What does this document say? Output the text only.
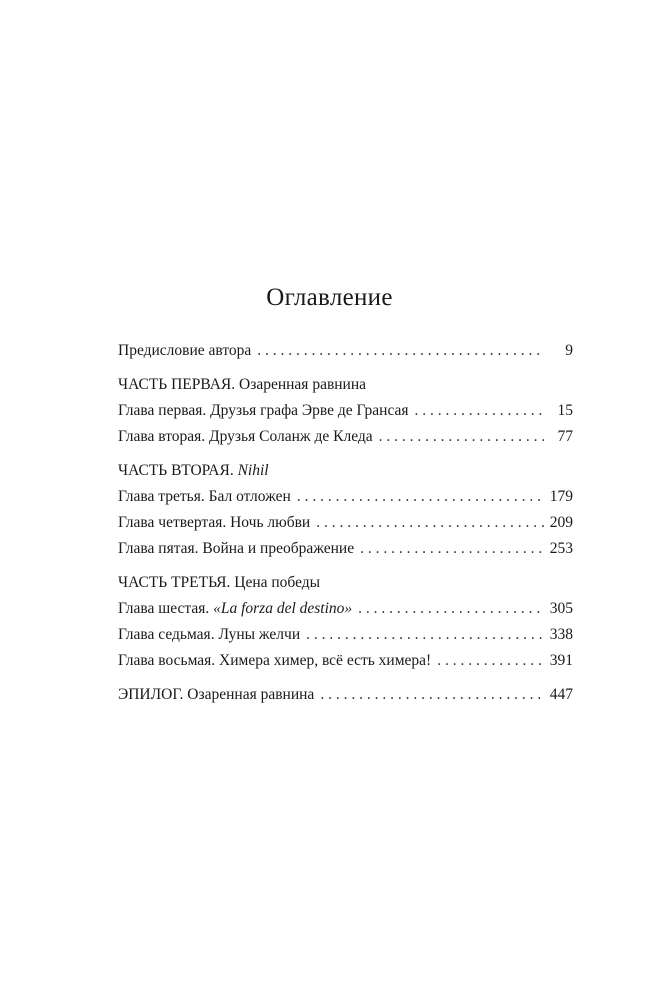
Оглавление
Предисловие автора . . .	9
ЧАСТЬ ПЕРВАЯ. Озаренная равнина
Глава первая. Друзья графа Эрве де Грансая . . .	15
Глава вторая. Друзья Соланж де Кледа . . .	77
ЧАСТЬ ВТОРАЯ. Nihil
Глава третья. Бал отложен . . .	179
Глава четвертая. Ночь любви . . .	209
Глава пятая. Война и преображение . . .	253
ЧАСТЬ ТРЕТЬЯ. Цена победы
Глава шестая. «La forza del destino» . . .	305
Глава седьмая. Луны желчи . . .	338
Глава восьмая. Химера химер, всё есть химера! . . .	391
ЭПИЛОГ. Озаренная равнина . . .	447
